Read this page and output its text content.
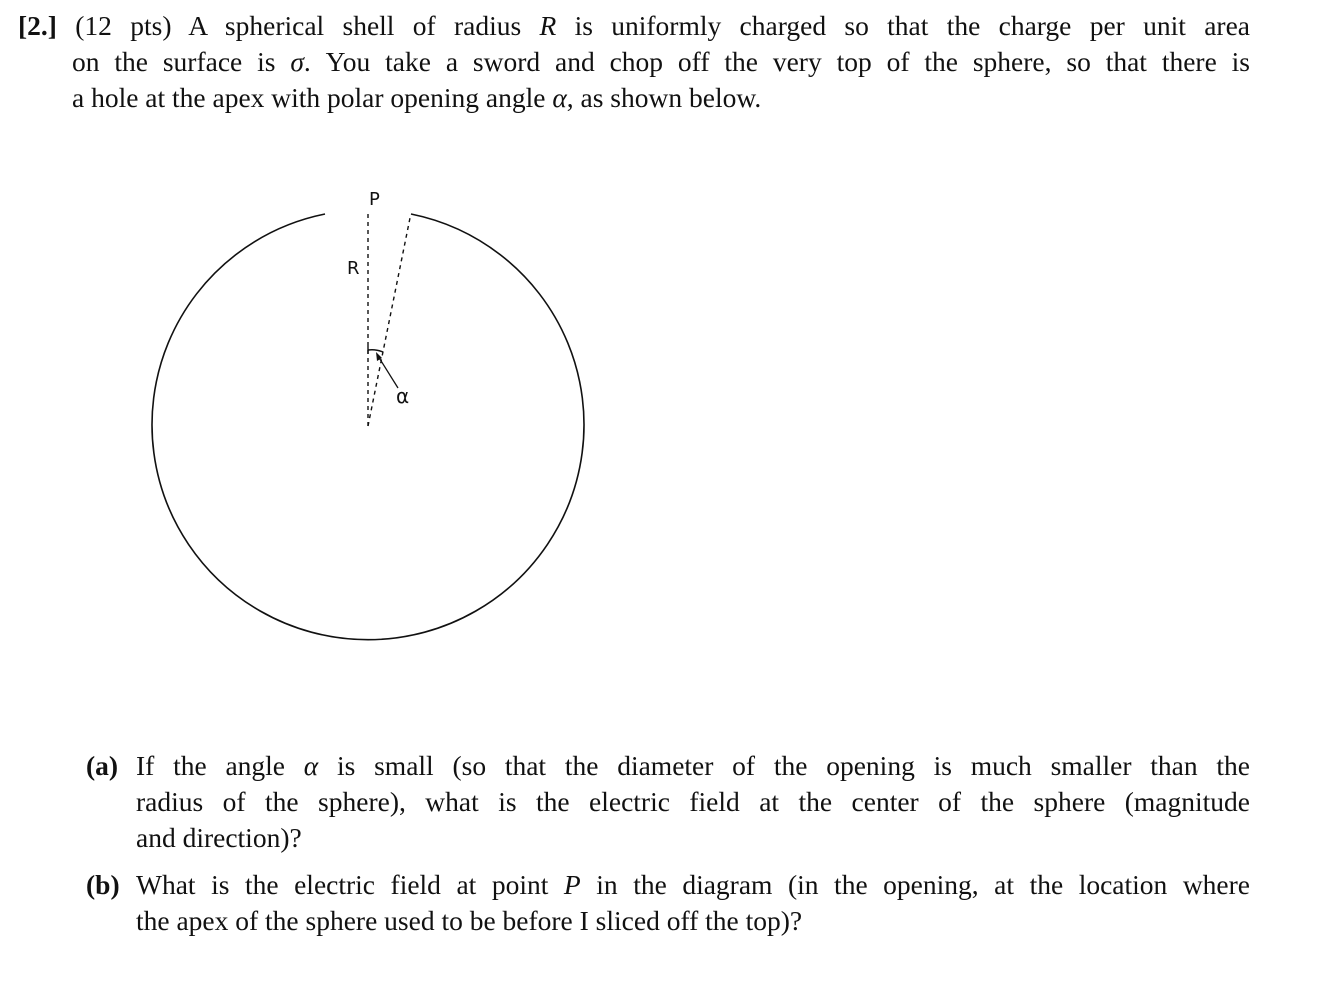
[2.] (12 pts) A spherical shell of radius R is uniformly charged so that the charge per unit area
on the surface is σ. You take a sword and chop off the very top of the sphere, so that there is
a hole at the apex with polar opening angle α, as shown below.
P
R
α
(a) If the angle α is small (so that the diameter of the opening is much smaller than the
radius of the sphere), what is the electric field at the center of the sphere (magnitude
and direction)?
(b) What is the electric field at point P in the diagram (in the opening, at the location where
the apex of the sphere used to be before I sliced off the top)?
